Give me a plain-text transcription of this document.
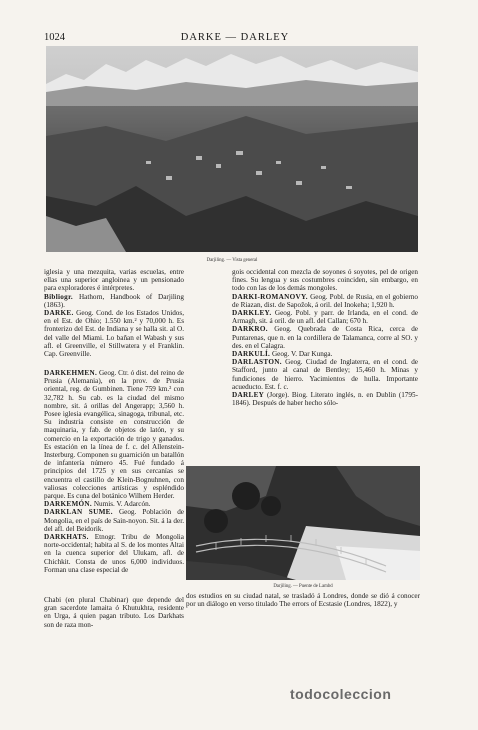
1024	DARKE — DARLEY
Darjiling. — Vista general

iglesia y una mezquita, varias escuelas, entre ellas una superior angloinea y un pensionado para exploradores é intérpretes.

Bibliogr. Hathorn, Handbook of Darjiling (1863).

DARKE. Geog. Cond. de los Estados Unidos, en el Est. de Ohio; 1.550 km.² y 70,000 h. Es fronterizo del Est. de Indiana y se halla sit. al O. del valle del Miami. Lo bañan el Wabash y sus afl. el Greenville, el Stillwatera y el Franklin. Cap. Greenville.

gois occidental con mezcla de soyones ó soyotes, pel de origen fines. Su lengua y sus costumbres coinciden, sin embargo, en todo con las de los demás mongoles.

DARKI-ROMANOVY. Geog. Pobl. de Rusia, en el gobierno de Riazan, dist. de Sapožok, á oril. del Inokeha; 1,920 h.

DARKLEY. Geog. Pobl. y parr. de Irlanda, en el cond. de Armagh, sit. á oril. de un afl. del Callan; 670 h.

DARKRO. Geog. Quebrada de Costa Rica, cerca de Puntarenas, que n. en la cordillera de Talamanca, corre al SO. y des. en el Calagra.

DARKULÍ. Geog. V. Dar Kunga.

DARLASTON. Geog. Ciudad de Inglaterra, en el cond. de Stafford, junto al canal de Bentley; 15,460 h. Minas y fundiciones de hierro. Yacimientos de hulla. Importante acueducto. Est. f. c.

DARLEY (Jorge). Biog. Literato inglés, n. en Dublin (1795-1846). Después de haber hecho sólo-

DARKEHMEN. Geog. Ctr. ó dist. del reino de Prusia (Alemania), en la prov. de Prusia oriental, reg. de Gumbinen. Tiene 759 km.² con 32,782 h. Su cab. es la ciudad del mismo nombre, sit. á orillas del Angerapp; 3,560 h. Posee iglesia evangélica, sinagoga, tribunal, etc. Su industria consiste en construcción de maquinaria, y fab. de objetos de latón, y su comercio en la exportación de trigo y ganados. Es estación en la línea de f. c. del Allenstein-Insterburg. Componen su guarnición un batallón de infantería número 45. Fué fundado á principios del 1725 y en sus cercanías se encuentra el castillo de Klein-Bognuhnen, con valiosas colecciones artísticas y espléndido parque. Es cuna del botánico Wilhem Herder.

DARKEMÓN. Numis. V. Adarcón.

DARKLAN SUME. Geog. Población de Mongolia, en el país de Sain-noyon. Sit. á la der. del afl. del Beidorik.

DARKHATS. Etnogr. Tribu de Mongolia norte-occidental; habita al S. de los montes Altai en la cuenca superior del Ulukam, afl. de Chichkit. Consta de unos 6,000 individuos. Forman una clase especial de

Darjiling. — Puente de Lambd
Chabi (en plural Chabinar) que depende del gran sacerdote lamaita ó Khutukhta, residente en Urga, á quien pagan tributo. Los Darkhats son de raza mon-
dos estudios en su ciudad natal, se trasladó á Londres, donde se dió á conocer por un diálogo en verso titulado The errors of Ecstasie (Londres, 1822), y
todocoleccion
